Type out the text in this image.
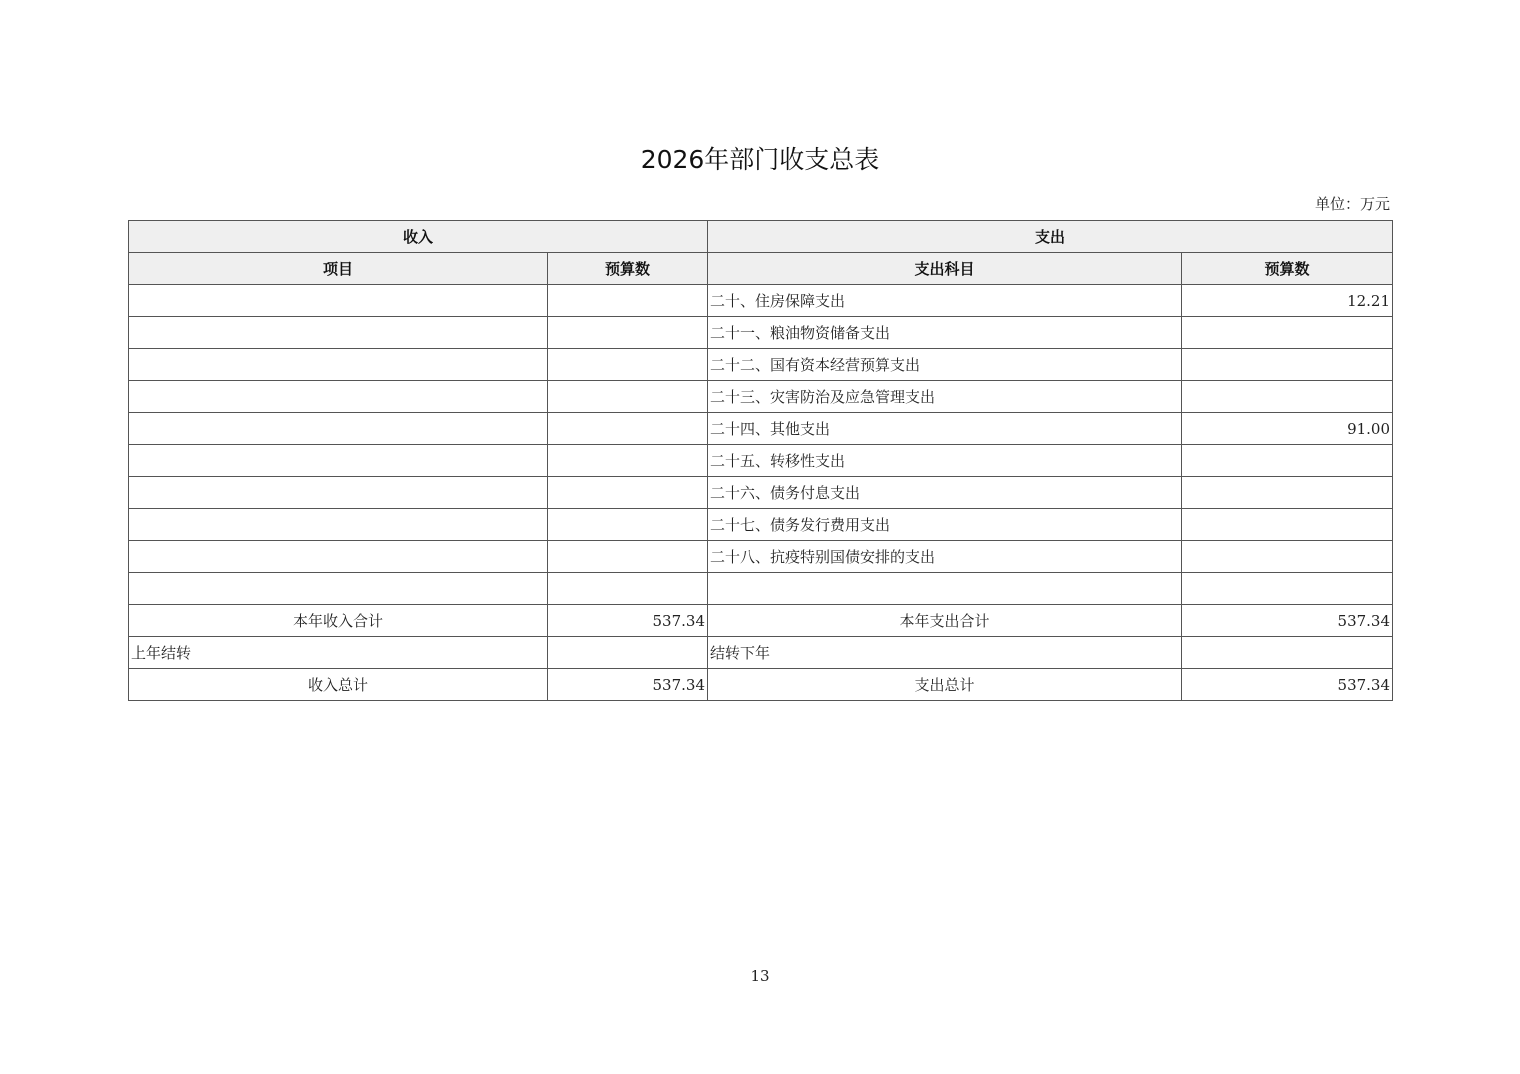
2026年部门收支总表
单位：万元
收入		支出	
项目	预算数	支出科目	预算数
		二十、住房保障支出	12.21
		二十一、粮油物资储备支出	
		二十二、国有资本经营预算支出	
		二十三、灾害防治及应急管理支出	
		二十四、其他支出	91.00
		二十五、转移性支出	
		二十六、债务付息支出	
		二十七、债务发行费用支出	
		二十八、抗疫特别国债安排的支出	

本年收入合计	537.34	本年支出合计	537.34
上年结转		结转下年	
收入总计	537.34	支出总计	537.34
13
